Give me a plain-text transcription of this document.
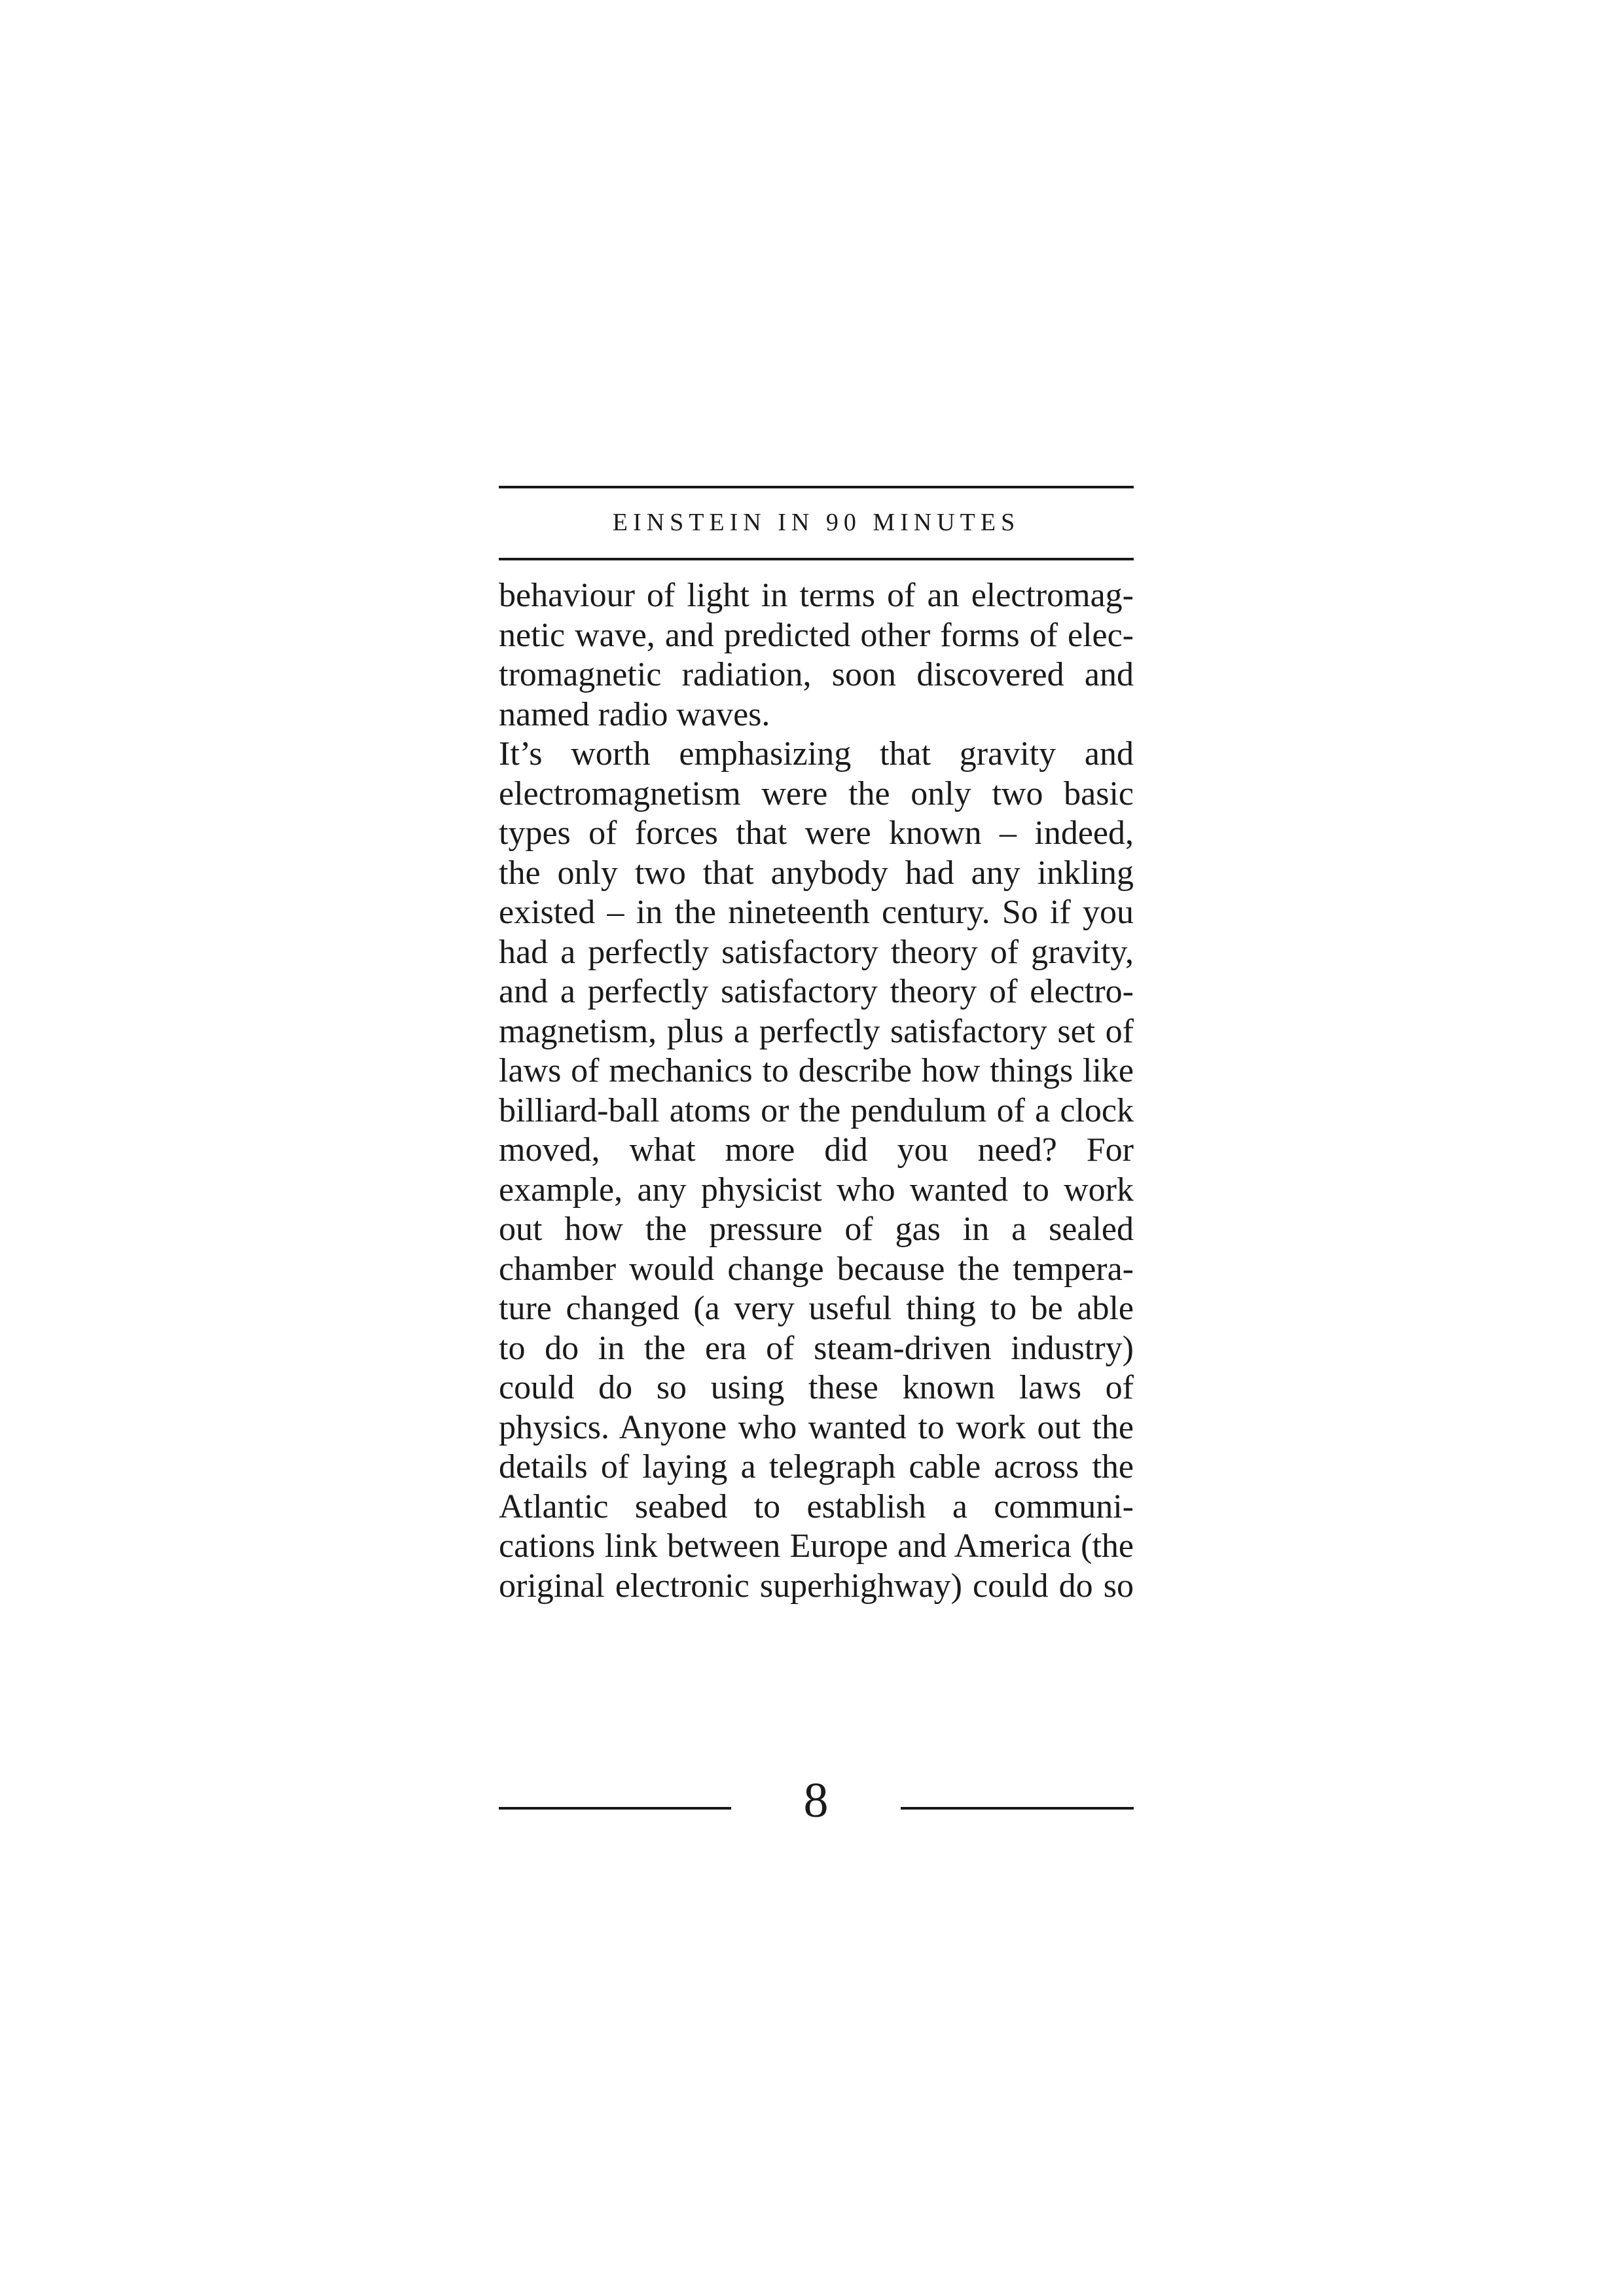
EINSTEIN IN 90 MINUTES
behaviour of light in terms of an electromag-
netic wave, and predicted other forms of elec-
tromagnetic radiation, soon discovered and
named radio waves.
It’s worth emphasizing that gravity and
electromagnetism were the only two basic
types of forces that were known – indeed,
the only two that anybody had any inkling
existed – in the nineteenth century. So if you
had a perfectly satisfactory theory of gravity,
and a perfectly satisfactory theory of electro-
magnetism, plus a perfectly satisfactory set of
laws of mechanics to describe how things like
billiard-ball atoms or the pendulum of a clock
moved, what more did you need? For
example, any physicist who wanted to work
out how the pressure of gas in a sealed
chamber would change because the tempera-
ture changed (a very useful thing to be able
to do in the era of steam-driven industry)
could do so using these known laws of
physics. Anyone who wanted to work out the
details of laying a telegraph cable across the
Atlantic seabed to establish a communi-
cations link between Europe and America (the
original electronic superhighway) could do so
8
